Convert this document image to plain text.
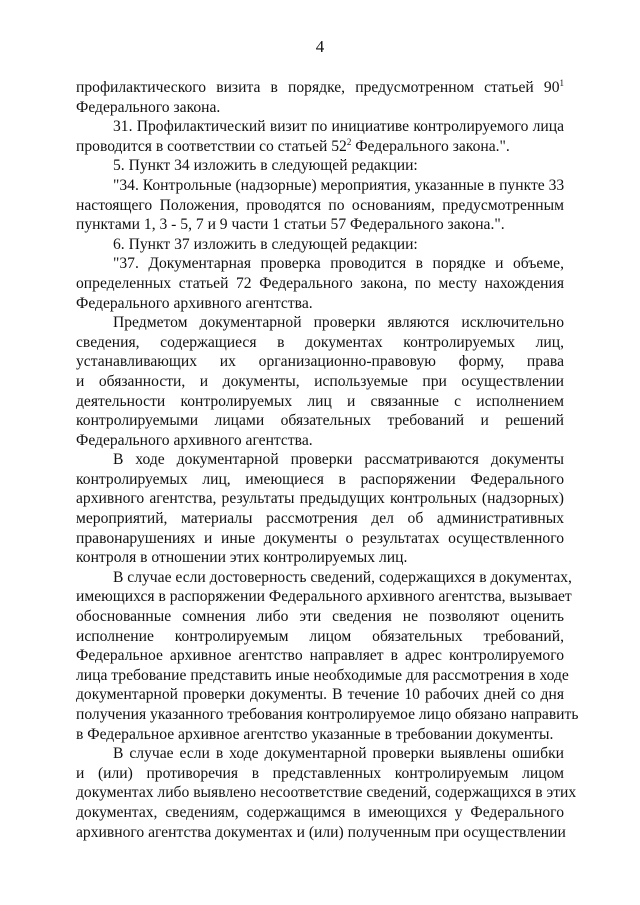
4
профилактического визита в порядке, предусмотренном статьей $90^1$
Федерального закона.
31. Профилактический визит по инициативе контролируемого лица
проводится в соответствии со статьей $52^2$ Федерального закона.".
5. Пункт 34 изложить в следующей редакции:
"34. Контрольные (надзорные) мероприятия, указанные в пункте 33
настоящего Положения, проводятся по основаниям, предусмотренным
пунктами 1, 3 - 5, 7 и 9 части 1 статьи 57 Федерального закона.".
6. Пункт 37 изложить в следующей редакции:
"37. Документарная проверка проводится в порядке и объеме,
определенных статьей 72 Федерального закона, по месту нахождения
Федерального архивного агентства.
Предметом документарной проверки являются исключительно
сведения, содержащиеся в документах контролируемых лиц,
устанавливающих их организационно-правовую форму, права
и обязанности, и документы, используемые при осуществлении
деятельности контролируемых лиц и связанные с исполнением
контролируемыми лицами обязательных требований и решений
Федерального архивного агентства.
В ходе документарной проверки рассматриваются документы
контролируемых лиц, имеющиеся в распоряжении Федерального
архивного агентства, результаты предыдущих контрольных (надзорных)
мероприятий, материалы рассмотрения дел об административных
правонарушениях и иные документы о результатах осуществленного
контроля в отношении этих контролируемых лиц.
В случае если достоверность сведений, содержащихся в документах,
имеющихся в распоряжении Федерального архивного агентства, вызывает
обоснованные сомнения либо эти сведения не позволяют оценить
исполнение контролируемым лицом обязательных требований,
Федеральное архивное агентство направляет в адрес контролируемого
лица требование представить иные необходимые для рассмотрения в ходе
документарной проверки документы. В течение 10 рабочих дней со дня
получения указанного требования контролируемое лицо обязано направить
в Федеральное архивное агентство указанные в требовании документы.
В случае если в ходе документарной проверки выявлены ошибки
и (или) противоречия в представленных контролируемым лицом
документах либо выявлено несоответствие сведений, содержащихся в этих
документах, сведениям, содержащимся в имеющихся у Федерального
архивного агентства документах и (или) полученным при осуществлении
